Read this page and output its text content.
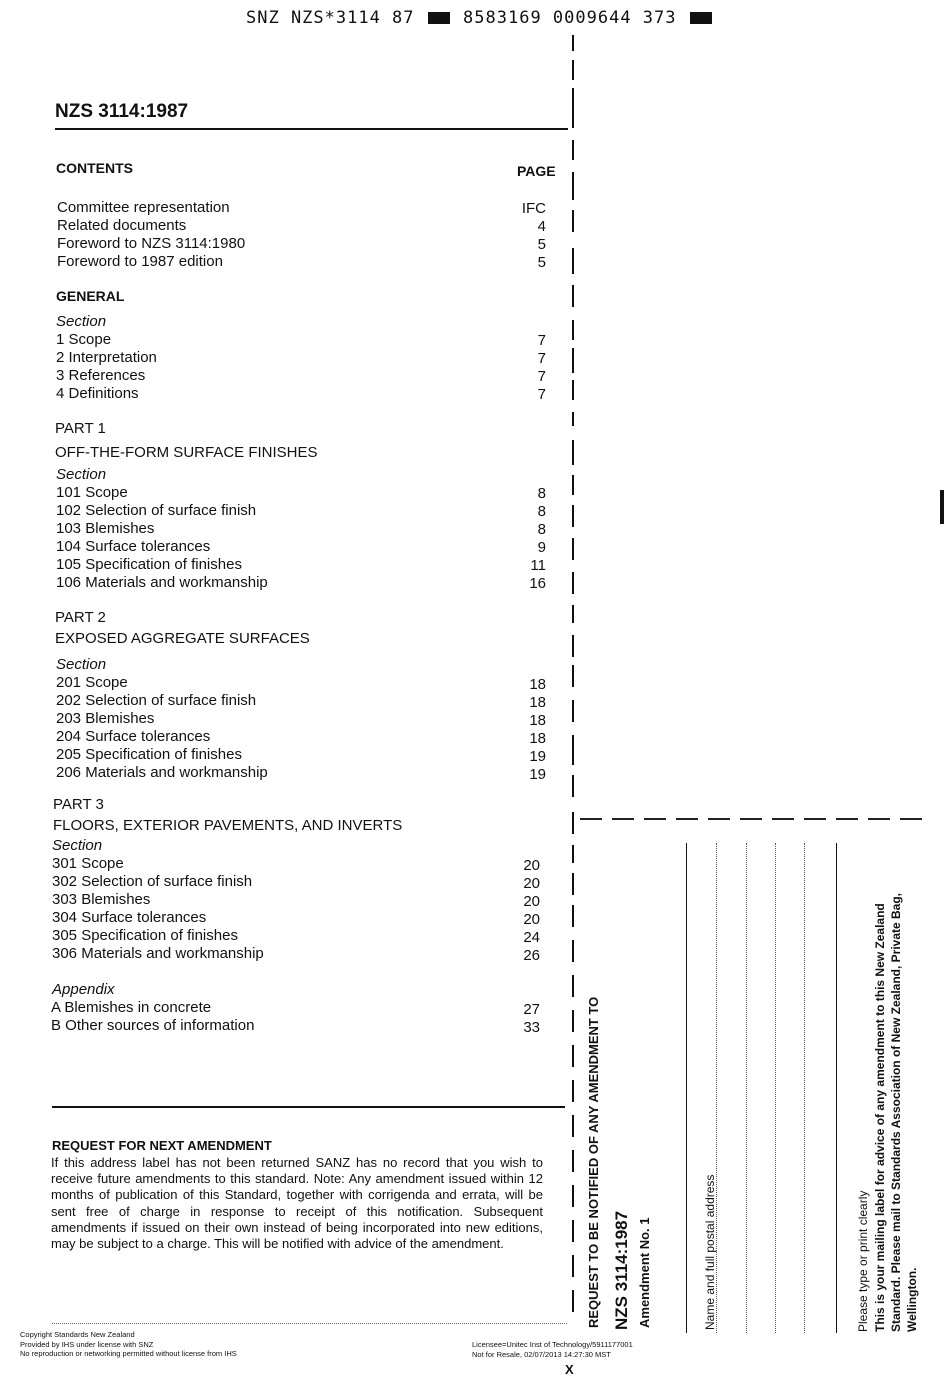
SNZ NZS*3114 87	8583169 0009644 373
NZS 3114:1987
CONTENTS	PAGE
Committee representation	IFC
Related documents	4
Foreword to NZS 3114:1980	5
Foreword to 1987 edition	5
GENERAL
Section
1 Scope	7
2 Interpretation	7
3 References	7
4 Definitions	7
PART 1
OFF-THE-FORM SURFACE FINISHES
Section
101 Scope	8
102 Selection of surface finish	8
103 Blemishes	8
104 Surface tolerances	9
105 Specification of finishes	11
106 Materials and workmanship	16
PART 2
EXPOSED AGGREGATE SURFACES
Section
201 Scope	18
202 Selection of surface finish	18
203 Blemishes	18
204 Surface tolerances	18
205 Specification of finishes	19
206 Materials and workmanship	19
PART 3
FLOORS, EXTERIOR PAVEMENTS, AND INVERTS
Section
301 Scope	20
302 Selection of surface finish	20
303 Blemishes	20
304 Surface tolerances	20
305 Specification of finishes	24
306 Materials and workmanship	26
Appendix
A Blemishes in concrete	27
B Other sources of information	33
REQUEST FOR NEXT AMENDMENT
If this address label has not been returned SANZ has no record that you wish to receive future amendments to this standard. Note: Any amendment issued within 12 months of publication of this Standard, together with corrigenda and errata, will be sent free of charge in response to receipt of this notification. Subsequent amendments if issued on their own instead of being incorporated into new editions, may be subject to a charge. This will be notified with advice of the amendment.
Copyright Standards New Zealand
Provided by IHS under license with SNZ
No reproduction or networking permitted without license from IHS
Licensee=Unitec Inst of Technology/5911177001
Not for Resale, 02/07/2013 14:27:30 MST
REQUEST TO BE NOTIFIED OF ANY AMENDMENT TO NZS 3114:1987 Amendment No. 1	Name and full postal address	Please type or print clearly This is your mailing label for advice of any amendment to this New Zealand Standard. Please mail to Standards Association of New Zealand, Private Bag, Wellington.
X
